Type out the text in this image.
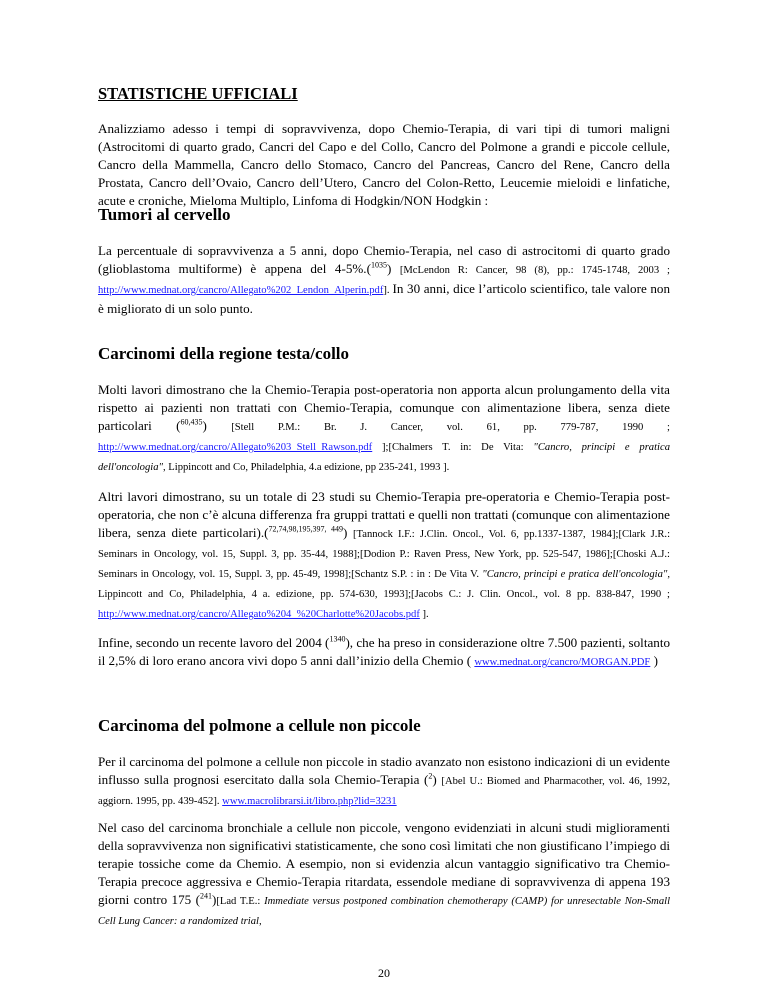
STATISTICHE UFFICIALI

Analizziamo adesso i tempi di sopravvivenza, dopo Chemio-Terapia, di vari tipi di tumori maligni (Astrocitomi di quarto grado, Cancri del Capo e del Collo, Cancro del Polmone a grandi e piccole cellule, Cancro della Mammella, Cancro dello Stomaco, Cancro del Pancreas, Cancro del Rene, Cancro della Prostata, Cancro dell’Ovaio, Cancro dell’Utero, Cancro del Colon-Retto, Leucemie mieloidi e linfatiche, acute e croniche, Mieloma Multiplo, Linfoma di Hodgkin/NON Hodgkin :

Tumori al cervello

La percentuale di sopravvivenza a 5 anni, dopo Chemio-Terapia, nel caso di astrocitomi di quarto grado (glioblastoma multiforme) è appena del 4-5%.($^{1035}$) [McLendon R: Cancer, 98 (8), pp.: 1745-1748, 2003 ; http://www.mednat.org/cancro/Allegato%202_Lendon_Alperin.pdf]. In 30 anni, dice l’articolo scientifico, tale valore non è migliorato di un solo punto.

Carcinomi della regione testa/collo

Molti lavori dimostrano che la Chemio-Terapia post-operatoria non apporta alcun prolungamento della vita rispetto ai pazienti non trattati con Chemio-Terapia, comunque con alimentazione libera, senza diete particolari ($^{60,435}$) [Stell P.M.: Br. J. Cancer, vol. 61, pp. 779-787, 1990 ; http://www.mednat.org/cancro/Allegato%203_Stell_Rawson.pdf ];[Chalmers T. in: De Vita: "Cancro, principi e pratica dell'oncologia", Lippincott and Co, Philadelphia, 4.a edizione, pp 235-241, 1993 ].

Altri lavori dimostrano, su un totale di 23 studi su Chemio-Terapia pre-operatoria e Chemio-Terapia post-operatoria, che non c’è alcuna differenza fra gruppi trattati e quelli non trattati (comunque con alimentazione libera, senza diete particolari).($^{72,74,98,195,397, 449}$) [Tannock I.F.: J.Clin. Oncol., Vol. 6, pp.1337-1387, 1984];[Clark J.R.: Seminars in Oncology, vol. 15, Suppl. 3, pp. 35-44, 1988];[Dodion P.: Raven Press, New York, pp. 525-547, 1986];[Choski A.J.: Seminars in Oncology, vol. 15, Suppl. 3, pp. 45-49, 1998];[Schantz S.P. : in : De Vita V. "Cancro, principi e pratica dell'oncologia", Lippincott and Co, Philadelphia, 4 a. edizione, pp. 574-630, 1993];[Jacobs C.: J. Clin. Oncol., vol. 8 pp. 838-847, 1990 ; http://www.mednat.org/cancro/Allegato%204_%20Charlotte%20Jacobs.pdf ].

Infine, secondo un recente lavoro del 2004 ($^{1340}$), che ha preso in considerazione oltre 7.500 pazienti, soltanto il 2,5% di loro erano ancora vivi dopo 5 anni dall’inizio della Chemio ( www.mednat.org/cancro/MORGAN.PDF )

Carcinoma del polmone a cellule non piccole

Per il carcinoma del polmone a cellule non piccole in stadio avanzato non esistono indicazioni di un evidente influsso sulla prognosi esercitato dalla sola Chemio-Terapia ($^2$) [Abel U.: Biomed and Pharmacother, vol. 46, 1992, aggiorn. 1995, pp. 439-452]. www.macrolibrarsi.it/libro.php?lid=3231

Nel caso del carcinoma bronchiale a cellule non piccole, vengono evidenziati in alcuni studi miglioramenti della sopravvivenza non significativi statisticamente, che sono così limitati che non giustificano l’impiego di terapie tossiche come da Chemio. A esempio, non si evidenzia alcun vantaggio significativo tra Chemio-Terapia precoce aggressiva e Chemio-Terapia ritardata, essendole mediane di sopravvivenza di appena 193 giorni contro 175 ($^{241}$)[Lad T.E.: Immediate versus postponed combination chemotherapy (CAMP) for unresectable Non-Small Cell Lung Cancer: a randomized trial,

20
